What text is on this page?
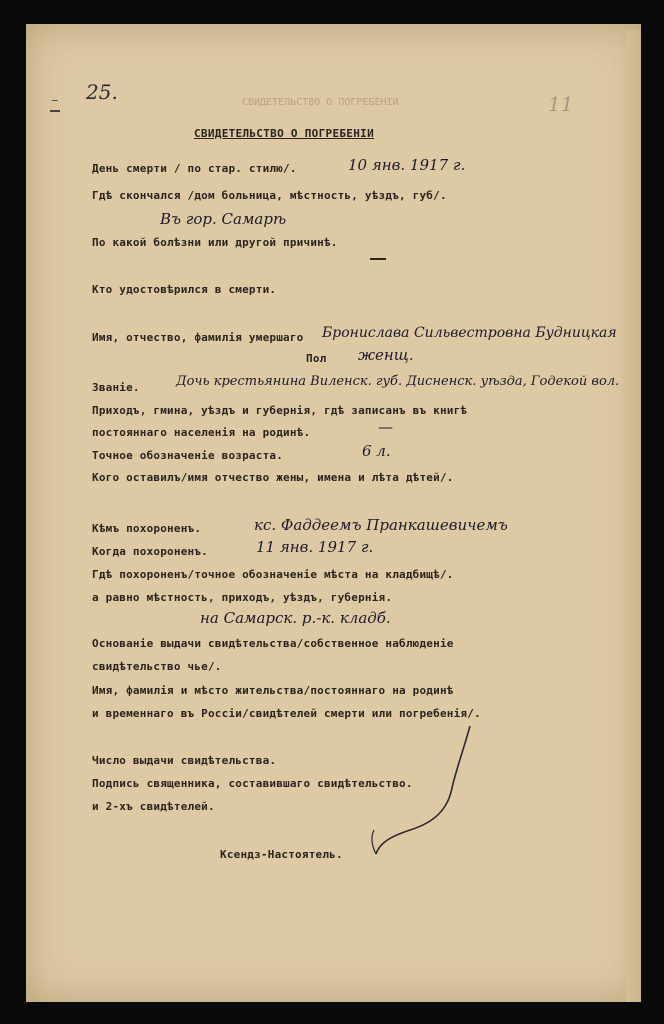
25.	11
СВИДЕТЕЛЬСТВО О ПОГРЕБЕНІИ
СВИДЕТЕЛЬСТВО О ПОГРЕБЕНІИ
День смерти / по стар. стилю/.	10 янв. 1917 г.
Гдѣ скончался /дом больница, мѣстность, уѣздъ, губ/.
Въ гор. Самарѣ
По какой болѣзни или другой причинѣ.
Кто удостовѣрился в смерти.
Имя, отчество, фамилія умершаго Бронислава Сильвестровна Будницкая
Пол женщ.
Званіе.	Дочь крестьянина Виленск. губ. Дисненск. уѣзда, Годекой вол.
Приходъ, гмина, уѣздъ и губернія, гдѣ записанъ въ книгѣ
постояннаго населенія на родинѣ.	—
Точное обозначеніе возраста.	6 л.
Кого оставилъ/имя отчество жены, имена и лѣта дѣтей/.
Кѣмъ похороненъ.	кс. Фаддеемъ Пранкашевичемъ
Когда похороненъ.	11 янв. 1917 г.
Гдѣ похороненъ/точное обозначеніе мѣста на кладбищѣ/.
а равно мѣстность, приходъ, уѣздъ, губернія.
на Самарск. р.-к. кладб.
Основаніе выдачи свидѣтельства/собственное наблюденіе
свидѣтельство чье/.
Имя, фамилія и мѣсто жительства/постояннаго на родинѣ
и временнаго въ Россіи/свидѣтелей смерти или погребенія/.
Число выдачи свидѣтельства.
Подпись священника, составившаго свидѣтельство.
и 2-хъ свидѣтелей.
Ксендз-Настоятель.
